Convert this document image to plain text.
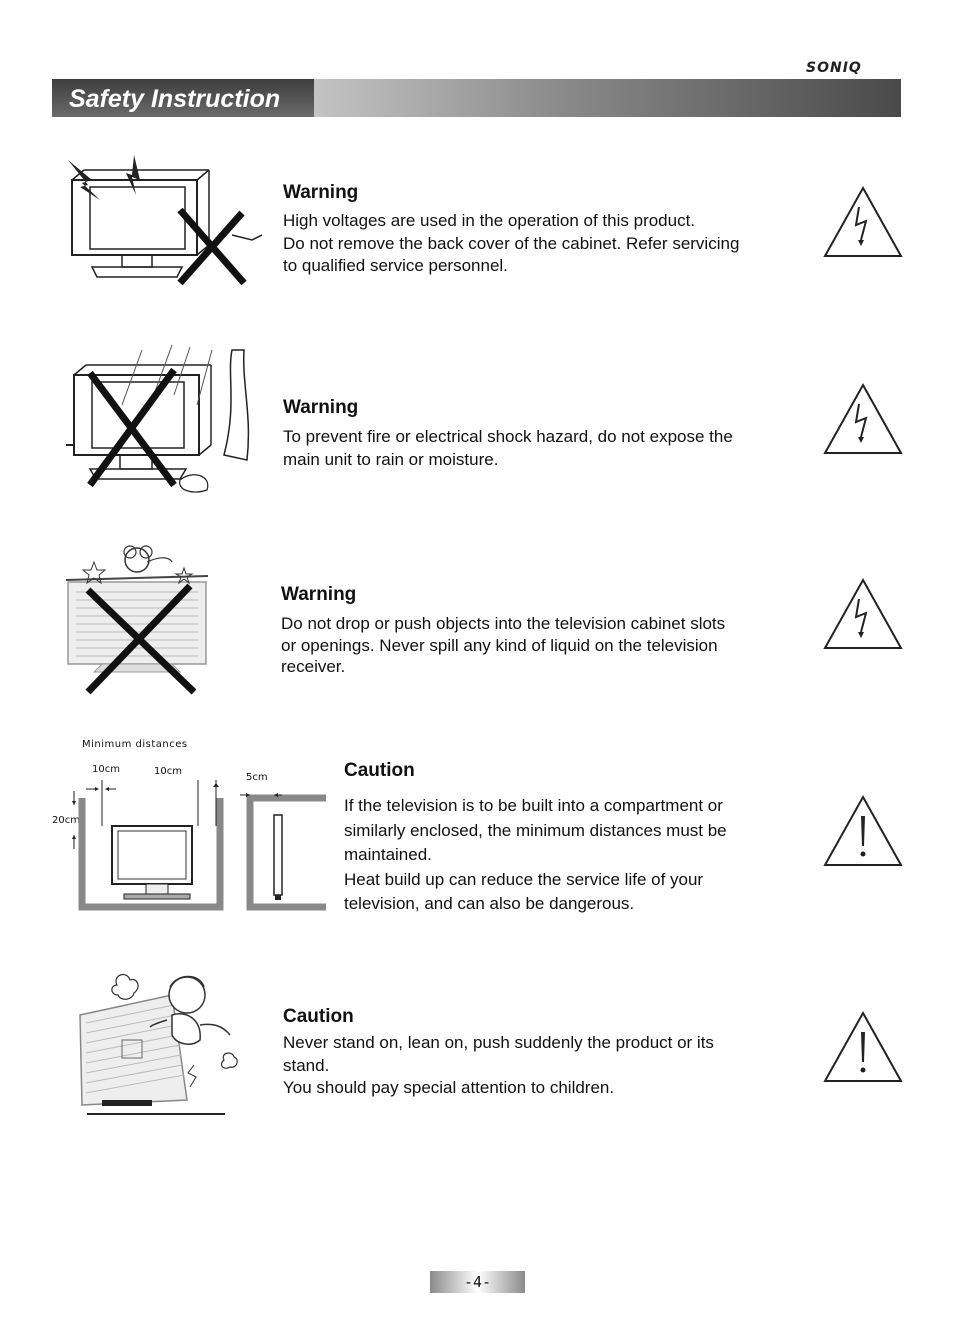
SONIQ
Safety Instruction
Warning

High voltages are used in the operation of this product.

Do not remove the back cover of the cabinet. Refer servicing

to qualified service personnel.

Warning

To prevent fire or electrical shock hazard, do not expose the

main unit to rain or moisture.

Warning

Do not drop or push objects into the television cabinet slots

or openings. Never spill any kind of liquid on the television

receiver.

Minimum distances
10cm	10cm
5cm
20cm
Caution

If the television is to be built into a compartment or

similarly enclosed, the minimum distances must be

maintained.

Heat build up can reduce the service life of your

television, and can also be dangerous.

Caution

Never stand on, lean on, push suddenly the product or its

stand.

You should pay special attention to children.

-4-
